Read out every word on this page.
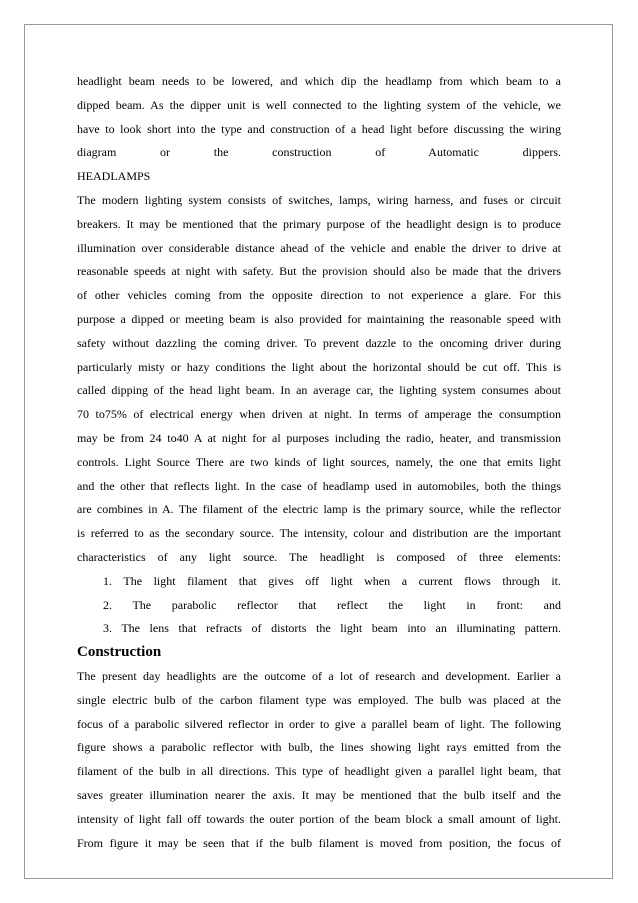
headlight beam needs to be lowered, and which dip the headlamp from which beam to a
dipped beam. As the dipper unit is well connected to the lighting system of the vehicle, we
have to look short into the type and construction of a head light before discussing the wiring
diagram or the construction of Automatic dippers.
HEADLAMPS
The modern lighting system consists of switches, lamps, wiring harness, and fuses or circuit
breakers. It may be mentioned that the primary purpose of the headlight design is to produce
illumination over considerable distance ahead of the vehicle and enable the driver to drive at
reasonable speeds at night with safety. But the provision should also be made that the drivers
of other vehicles coming from the opposite direction to not experience a glare. For this
purpose a dipped or meeting beam is also provided for maintaining the reasonable speed with
safety without dazzling the coming driver. To prevent dazzle to the oncoming driver during
particularly misty or hazy conditions the light about the horizontal should be cut off. This is
called dipping of the head light beam. In an average car, the lighting system consumes about
70 to75% of electrical energy when driven at night. In terms of amperage the consumption
may be from 24 to40 A at night for al purposes including the radio, heater, and transmission
controls. Light Source There are two kinds of light sources, namely, the one that emits light
and the other that reflects light. In the case of headlamp used in automobiles, both the things
are combines in A. The filament of the electric lamp is the primary source, while the reflector
is referred to as the secondary source. The intensity, colour and distribution are the important
characteristics of any light source. The headlight is composed of three elements:
1. The light filament that gives off light when a current flows through it.
2. The parabolic reflector that reflect the light in front: and
3. The lens that refracts of distorts the light beam into an illuminating pattern.
Construction
The present day headlights are the outcome of a lot of research and development. Earlier a
single electric bulb of the carbon filament type was employed. The bulb was placed at the
focus of a parabolic silvered reflector in order to give a parallel beam of light. The following
figure shows a parabolic reflector with bulb, the lines showing light rays emitted from the
filament of the bulb in all directions. This type of headlight given a parallel light beam, that
saves greater illumination nearer the axis. It may be mentioned that the bulb itself and the
intensity of light fall off towards the outer portion of the beam block a small amount of light.
From figure it may be seen that if the bulb filament is moved from position, the focus of
